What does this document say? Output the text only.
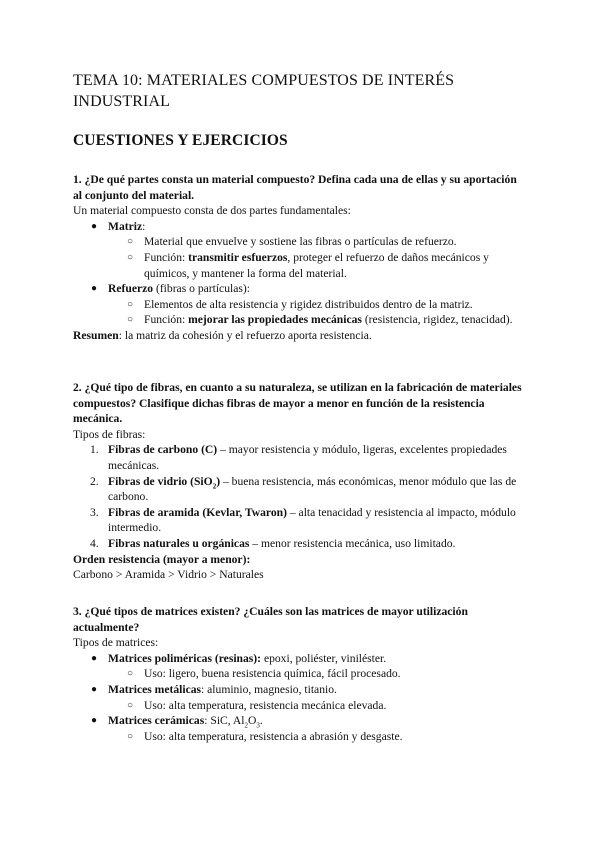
TEMA 10: MATERIALES COMPUESTOS DE INTERÉS INDUSTRIAL
CUESTIONES Y EJERCICIOS
1. ¿De qué partes consta un material compuesto? Defina cada una de ellas y su aportación al conjunto del material.

Un material compuesto consta de dos partes fundamentales:

● Matriz:
○ Material que envuelve y sostiene las fibras o partículas de refuerzo.
○ Función: transmitir esfuerzos, proteger el refuerzo de daños mecánicos y químicos, y mantener la forma del material.
● Refuerzo (fibras o partículas):
○ Elementos de alta resistencia y rigidez distribuidos dentro de la matriz.
○ Función: mejorar las propiedades mecánicas (resistencia, rigidez, tenacidad).

Resumen: la matriz da cohesión y el refuerzo aporta resistencia.

2. ¿Qué tipo de fibras, en cuanto a su naturaleza, se utilizan en la fabricación de materiales compuestos? Clasifique dichas fibras de mayor a menor en función de la resistencia mecánica.

Tipos de fibras:

1. Fibras de carbono (C) – mayor resistencia y módulo, ligeras, excelentes propiedades mecánicas.
2. Fibras de vidrio (SiO$_2$) – buena resistencia, más económicas, menor módulo que las de carbono.
3. Fibras de aramida (Kevlar, Twaron) – alta tenacidad y resistencia al impacto, módulo intermedio.
4. Fibras naturales u orgánicas – menor resistencia mecánica, uso limitado.

Orden resistencia (mayor a menor):

Carbono > Aramida > Vidrio > Naturales

3. ¿Qué tipos de matrices existen? ¿Cuáles son las matrices de mayor utilización actualmente?

Tipos de matrices:

● Matrices poliméricas (resinas): epoxi, poliéster, viniléster.
○ Uso: ligero, buena resistencia química, fácil procesado.
● Matrices metálicas: aluminio, magnesio, titanio.
○ Uso: alta temperatura, resistencia mecánica elevada.
● Matrices cerámicas: SiC, $Al_2O_3$.
○ Uso: alta temperatura, resistencia a abrasión y desgaste.
